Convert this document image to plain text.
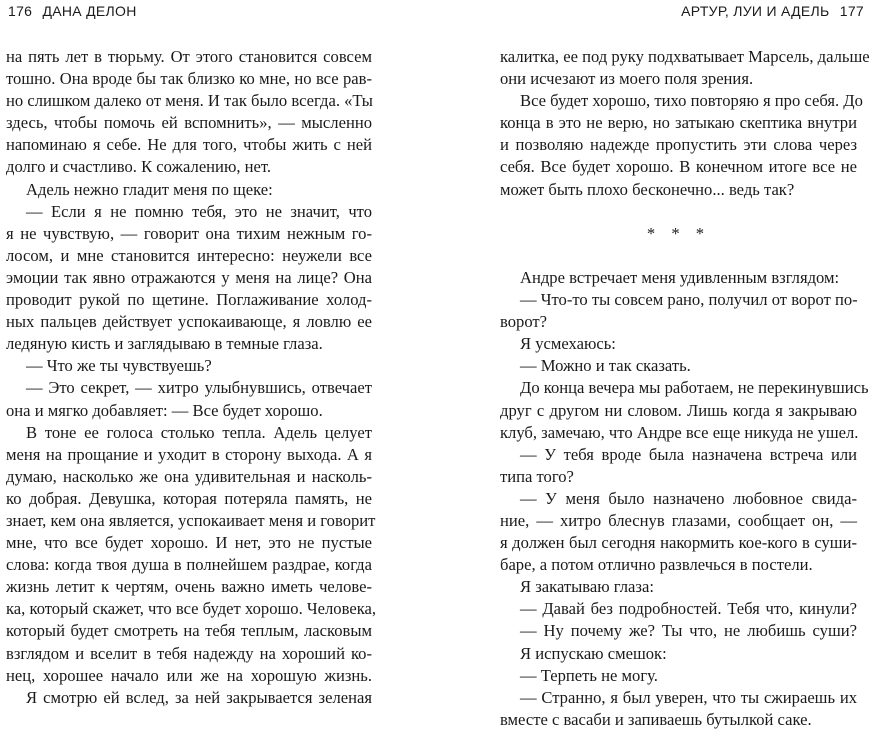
176 ДАНА ДЕЛОН
на пять лет в тюрьму. От этого становится совсем
тошно. Она вроде бы так близко ко мне, но все рав-
но слишком далеко от меня. И так было всегда. «Ты
здесь, чтобы помочь ей вспомнить», — мысленно
напоминаю я себе. Не для того, чтобы жить с ней
долго и счастливо. К сожалению, нет.
Адель нежно гладит меня по щеке:
— Если я не помню тебя, это не значит, что
я не чувствую, — говорит она тихим нежным го-
лосом, и мне становится интересно: неужели все
эмоции так явно отражаются у меня на лице? Она
проводит рукой по щетине. Поглаживание холод-
ных пальцев действует успокаивающе, я ловлю ее
ледяную кисть и заглядываю в темные глаза.
— Что же ты чувствуешь?
— Это секрет, — хитро улыбнувшись, отвечает
она и мягко добавляет: — Все будет хорошо.
В тоне ее голоса столько тепла. Адель целует
меня на прощание и уходит в сторону выхода. А я
думаю, насколько же она удивительная и насколь-
ко добрая. Девушка, которая потеряла память, не
знает, кем она является, успокаивает меня и говорит
мне, что все будет хорошо. И нет, это не пустые
слова: когда твоя душа в полнейшем раздрае, когда
жизнь летит к чертям, очень важно иметь челове-
ка, который скажет, что все будет хорошо. Человека,
который будет смотреть на тебя теплым, ласковым
взглядом и вселит в тебя надежду на хороший ко-
нец, хорошее начало или же на хорошую жизнь.
Я смотрю ей вслед, за ней закрывается зеленая
АРТУР, ЛУИ И АДЕЛЬ 177
калитка, ее под руку подхватывает Марсель, дальше
они исчезают из моего поля зрения.
Все будет хорошо, тихо повторяю я про себя. До
конца в это не верю, но затыкаю скептика внутри
и позволяю надежде пропустить эти слова через
себя. Все будет хорошо. В конечном итоге все не
может быть плохо бесконечно... ведь так?
* * *
Андре встречает меня удивленным взглядом:
— Что-то ты совсем рано, получил от ворот по-
ворот?
Я усмехаюсь:
— Можно и так сказать.
До конца вечера мы работаем, не перекинувшись
друг с другом ни словом. Лишь когда я закрываю
клуб, замечаю, что Андре все еще никуда не ушел.
— У тебя вроде была назначена встреча или
типа того?
— У меня было назначено любовное свида-
ние, — хитро блеснув глазами, сообщает он, —
я должен был сегодня накормить кое-кого в суши-
баре, а потом отлично развлечься в постели.
Я закатываю глаза:
— Давай без подробностей. Тебя что, кинули?
— Ну почему же? Ты что, не любишь суши?
Я испускаю смешок:
— Терпеть не могу.
— Странно, я был уверен, что ты сжираешь их
вместе с васаби и запиваешь бутылкой саке.
